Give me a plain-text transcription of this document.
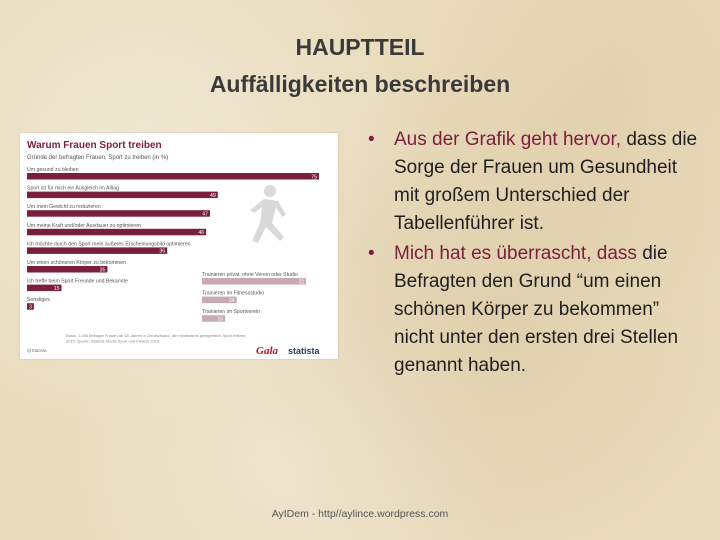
HAUPTTEIL
Auffälligkeiten beschreiben
Warum Frauen Sport treiben
Gründe der befragten Frauen, Sport zu treiben (in %)
Um gesund zu bleiben
75
Sport ist für mich ein Ausgleich im Alltag
49
Um mein Gewicht zu reduzieren
47
Um meine Kraft und/oder Ausdauer zu optimieren
46
Ich möchte durch den Sport mein äußeres Erscheinungsbild optimieren
36
Um einen schöneren Körper zu bekommen
35
Ich treffe beim Sport Freunde und Bekannte
15
Sonstiges
3
Trainieren privat, ohne Verein oder Studio
72
Trainieren im Fitnessstudio
24
Trainieren im Sportverein
16
@Statista
Basis: 1.006 befragte Frauen ab 18 Jahren in Deutschland, die mindestens gelegentlich Sport treiben; 2015. Quelle: Statista Studie Sport und Fitness 2015
Gala statista
• Aus der Grafik geht hervor, dass die Sorge der Frauen um Gesundheit mit großem Unterschied der Tabellenführer ist.
• Mich hat es überrascht, dass die Befragten den Grund “um einen schönen Körper zu bekommen” nicht unter den ersten drei Stellen genannt haben.
AyIDem - http//aylince.wordpress.com
